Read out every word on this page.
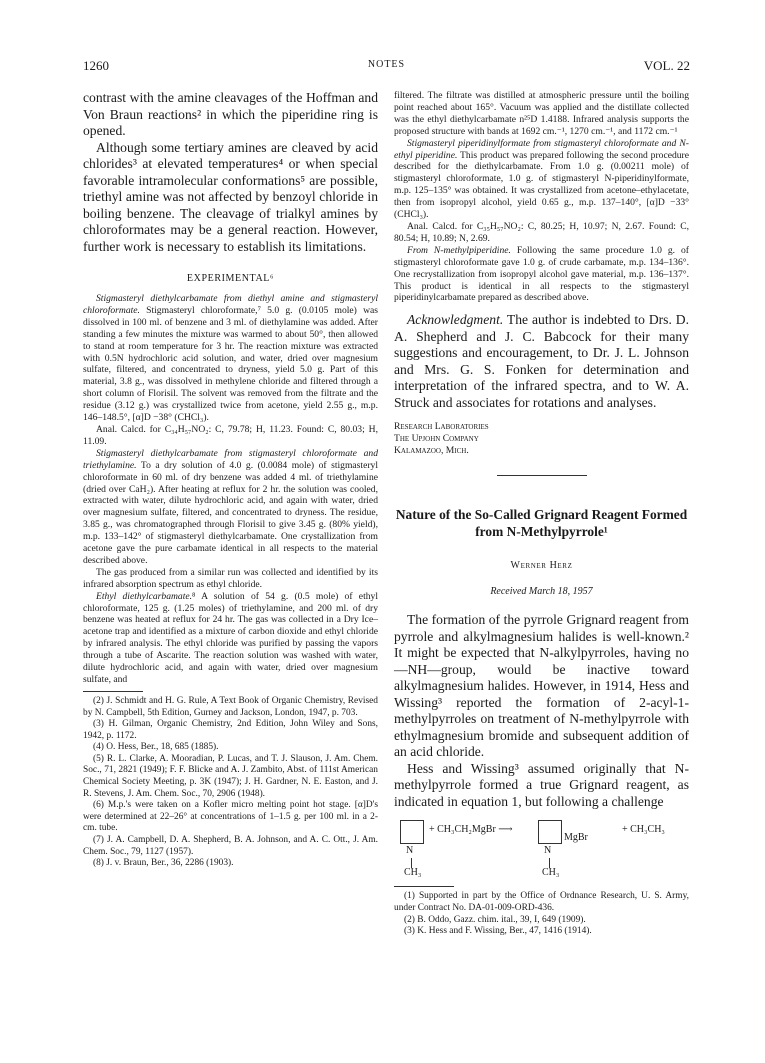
1260	NOTES	VOL. 22

contrast with the amine cleavages of the Hoffman and Von Braun reactions² in which the piperidine ring is opened.

Although some tertiary amines are cleaved by acid chlorides³ at elevated temperatures⁴ or when special favorable intramolecular conformations⁵ are possible, triethyl amine was not affected by benzoyl chloride in boiling benzene. The cleavage of trialkyl amines by chloroformates may be a general reaction. However, further work is necessary to establish its limitations.

EXPERIMENTAL⁶

Stigmasteryl diethylcarbamate from diethyl amine and stigmasteryl chloroformate. Stigmasteryl chloroformate,⁷ 5.0 g. (0.0105 mole) was dissolved in 100 ml. of benzene and 3 ml. of diethylamine was added. After standing a few minutes the mixture was warmed to about 50°, then allowed to stand at room temperature for 3 hr. The reaction mixture was extracted with 0.5N hydrochloric acid solution, and water, dried over magnesium sulfate, filtered, and concentrated to dryness, yield 5.0 g. Part of this material, 3.8 g., was dissolved in methylene chloride and filtered through a short column of Florisil. The solvent was removed from the filtrate and the residue (3.12 g.) was crystallized twice from acetone, yield 2.55 g., m.p. 146–148.5°, [α]D −38° (CHCl₃).

Anal. Calcd. for C₃₄H₅₇NO₂: C, 79.78; H, 11.23. Found: C, 80.03; H, 11.09.

Stigmasteryl diethylcarbamate from stigmasteryl chloroformate and triethylamine. To a dry solution of 4.0 g. (0.0084 mole) of stigmasteryl chloroformate in 60 ml. of dry benzene was added 4 ml. of triethylamine (dried over CaH₂). After heating at reflux for 2 hr. the solution was cooled, extracted with water, dilute hydrochloric acid, and again with water, dried over magnesium sulfate, filtered, and concentrated to dryness. The residue, 3.85 g., was chromatographed through Florisil to give 3.45 g. (80% yield), m.p. 133–142° of stigmasteryl diethylcarbamate. One crystallization from acetone gave the pure carbamate identical in all respects to the material described above.

The gas produced from a similar run was collected and identified by its infrared absorption spectrum as ethyl chloride.

Ethyl diethylcarbamate.⁸ A solution of 54 g. (0.5 mole) of ethyl chloroformate, 125 g. (1.25 moles) of triethylamine, and 200 ml. of dry benzene was heated at reflux for 24 hr. The gas was collected in a Dry Ice–acetone trap and identified as a mixture of carbon dioxide and ethyl chloride by infrared analysis. The ethyl chloride was purified by passing the vapors through a tube of Ascarite. The reaction solution was washed with water, dilute hydrochloric acid, and again with water, dried over magnesium sulfate, and

(2) J. Schmidt and H. G. Rule, A Text Book of Organic Chemistry, Revised by N. Campbell, 5th Edition, Gurney and Jackson, London, 1947, p. 703.

(3) H. Gilman, Organic Chemistry, 2nd Edition, John Wiley and Sons, 1942, p. 1172.

(4) O. Hess, Ber., 18, 685 (1885).

(5) R. L. Clarke, A. Mooradian, P. Lucas, and T. J. Slauson, J. Am. Chem. Soc., 71, 2821 (1949); F. F. Blicke and A. J. Zambito, Abst. of 111st American Chemical Society Meeting, p. 3K (1947); J. H. Gardner, N. E. Easton, and J. R. Stevens, J. Am. Chem. Soc., 70, 2906 (1948).

(6) M.p.'s were taken on a Kofler micro melting point hot stage. [α]D's were determined at 22–26° at concentrations of 1–1.5 g. per 100 ml. in a 2-cm. tube.

(7) J. A. Campbell, D. A. Shepherd, B. A. Johnson, and A. C. Ott., J. Am. Chem. Soc., 79, 1127 (1957).

(8) J. v. Braun, Ber., 36, 2286 (1903).

filtered. The filtrate was distilled at atmospheric pressure until the boiling point reached about 165°. Vacuum was applied and the distillate collected was the ethyl diethylcarbamate n²⁵D 1.4188. Infrared analysis supports the proposed structure with bands at 1692 cm.⁻¹, 1270 cm.⁻¹, and 1172 cm.⁻¹

Stigmasteryl piperidinylformate from stigmasteryl chloroformate and N-ethyl piperidine. This product was prepared following the second procedure described for the diethylcarbamate. From 1.0 g. (0.00211 mole) of stigmasteryl chloroformate, 1.0 g. of stigmasteryl N-piperidinylformate, m.p. 125–135° was obtained. It was crystallized from acetone–ethylacetate, then from isopropyl alcohol, yield 0.65 g., m.p. 137–140°, [α]D −33° (CHCl₃).

Anal. Calcd. for C₃₅H₅₇NO₂: C, 80.25; H, 10.97; N, 2.67. Found: C, 80.54; H, 10.89; N, 2.69.

From N-methylpiperidine. Following the same procedure 1.0 g. of stigmasteryl chloroformate gave 1.0 g. of crude carbamate, m.p. 134–136°. One recrystallization from isopropyl alcohol gave material, m.p. 136–137°. This product is identical in all respects to the stigmasteryl piperidinylcarbamate prepared as described above.

Acknowledgment. The author is indebted to Drs. D. A. Shepherd and J. C. Babcock for their many suggestions and encouragement, to Dr. J. L. Johnson and Mrs. G. S. Fonken for determination and interpretation of the infrared spectra, and to W. A. Struck and associates for rotations and analyses.

Research Laboratories
The Upjohn Company
Kalamazoo, Mich.
Nature of the So-Called Grignard Reagent Formed from N-Methylpyrrole¹
Werner Herz
Received March 18, 1957

The formation of the pyrrole Grignard reagent from pyrrole and alkylmagnesium halides is well-known.² It might be expected that N-alkylpyrroles, having no—NH—group, would be inactive toward alkylmagnesium halides. However, in 1914, Hess and Wissing³ reported the formation of 2-acyl-1-methylpyrroles on treatment of N-methylpyrrole with ethylmagnesium bromide and subsequent addition of an acid chloride.

Hess and Wissing³ assumed originally that N-methylpyrrole formed a true Grignard reagent, as indicated in equation 1, but following a challenge

+ CH₃CH₂MgBr ⟶
N
CH₃
MgBr
N
CH₃
+ CH₃CH₃

(1) Supported in part by the Office of Ordnance Research, U. S. Army, under Contract No. DA-01-009-ORD-436.

(2) B. Oddo, Gazz. chim. ital., 39, I, 649 (1909).

(3) K. Hess and F. Wissing, Ber., 47, 1416 (1914).
